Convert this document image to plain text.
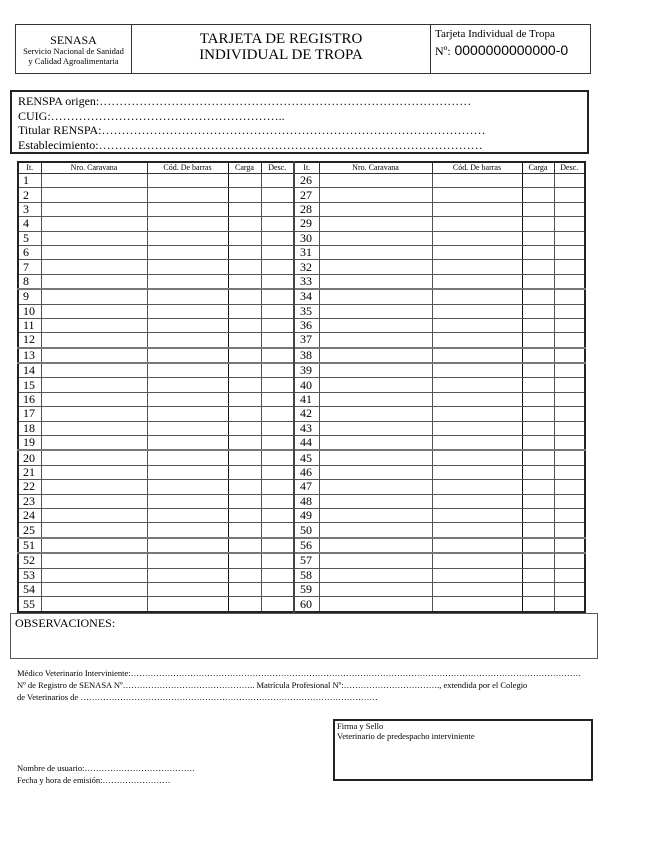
SENASA
Servicio Nacional de Sanidad
y Calidad Agroalimentaria
TARJETA DE REGISTRO
INDIVIDUAL DE TROPA
Tarjeta Individual de Tropa
Nº: 0000000000000-0
RENSPA origen:…………………………………………………………………………………
CUIG:…………………………………………………..
Titular RENSPA:……………………………………………………………………………………
Establecimiento:……………………………………………………………………………………
It.	Nro. Caravana	Cód. De barras	Carga	Desc.	It.	Nro. Caravana	Cód. De barras	Carga	Desc.
1					26				
2					27				
3					28				
4					29				
5					30				
6					31				
7					32				
8					33				
9					34				
10					35				
11					36				
12					37				
13					38				
14					39				
15					40				
16					41				
17					42				
18					43				
19					44				
20					45				
21					46				
22					47				
23					48				
24					49				
25					50				
51					56				
52					57				
53					58				
54					59				
55					60				
OBSERVACIONES:
Médico Veterinario Interviniente:……………………………………………………………………………………………………………………………………………
Nº de Registro de SENASA Nº……………………………………….. Matrícula Profesional Nº:……………………………., extendida por el Colegio
de Veterinarios de ……………………………………………………………………………………………
Firma y Sello
Veterinario de predespacho interviniente
Nombre de usuario:…………………………………
Fecha y hora de emisión:……………………
